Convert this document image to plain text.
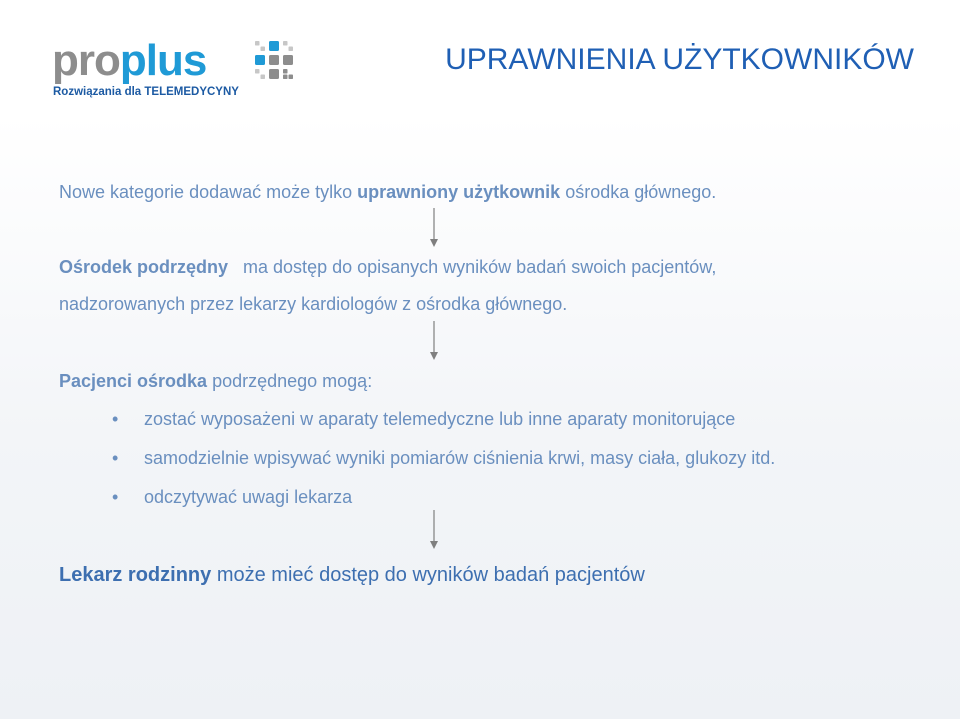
proplus
Rozwiązania dla TELEMEDYCYNY
UPRAWNIENIA UŻYTKOWNIKÓW
Nowe kategorie dodawać może tylko uprawniony użytkownik ośrodka głównego.
Ośrodek podrzędny   ma dostęp do opisanych wyników badań swoich pacjentów,
nadzorowanych przez lekarzy kardiologów z ośrodka głównego.
Pacjenci ośrodka podrzędnego mogą:
• zostać wyposażeni w aparaty telemedyczne lub inne aparaty monitorujące
• samodzielnie wpisywać wyniki pomiarów ciśnienia krwi, masy ciała, glukozy itd.
• odczytywać uwagi lekarza
Lekarz rodzinny może mieć dostęp do wyników badań pacjentów
